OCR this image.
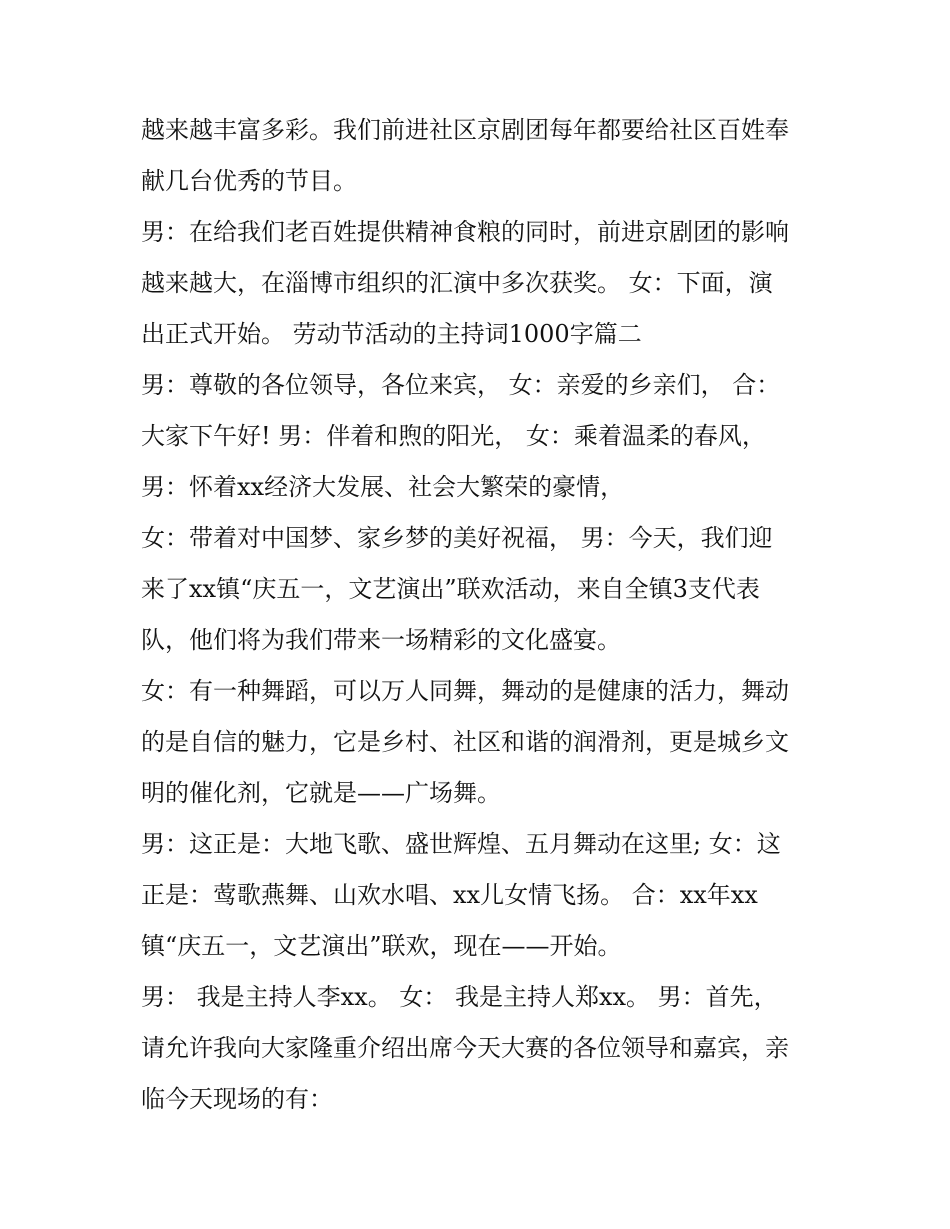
越来越丰富多彩。我们前进社区京剧团每年都要给社区百姓奉
献几台优秀的节目。
男：在给我们老百姓提供精神食粮的同时，前进京剧团的影响
越来越大，在淄博市组织的汇演中多次获奖。 女：下面，演
出正式开始。 劳动节活动的主持词1000字篇二
男：尊敬的各位领导，各位来宾， 女：亲爱的乡亲们， 合：
大家下午好! 男：伴着和煦的阳光， 女：乘着温柔的春风，
男：怀着xx经济大发展、社会大繁荣的豪情，
女：带着对中国梦、家乡梦的美好祝福， 男：今天，我们迎
来了xx镇“庆五一，文艺演出”联欢活动，来自全镇3支代表
队，他们将为我们带来一场精彩的文化盛宴。
女：有一种舞蹈，可以万人同舞，舞动的是健康的活力，舞动
的是自信的魅力，它是乡村、社区和谐的润滑剂，更是城乡文
明的催化剂，它就是——广场舞。
男：这正是：大地飞歌、盛世辉煌、五月舞动在这里; 女：这
正是：莺歌燕舞、山欢水唱、xx儿女情飞扬。 合：xx年xx
镇“庆五一，文艺演出”联欢，现在——开始。
男： 我是主持人李xx。 女： 我是主持人郑xx。 男：首先，
请允许我向大家隆重介绍出席今天大赛的各位领导和嘉宾，亲
临今天现场的有：
